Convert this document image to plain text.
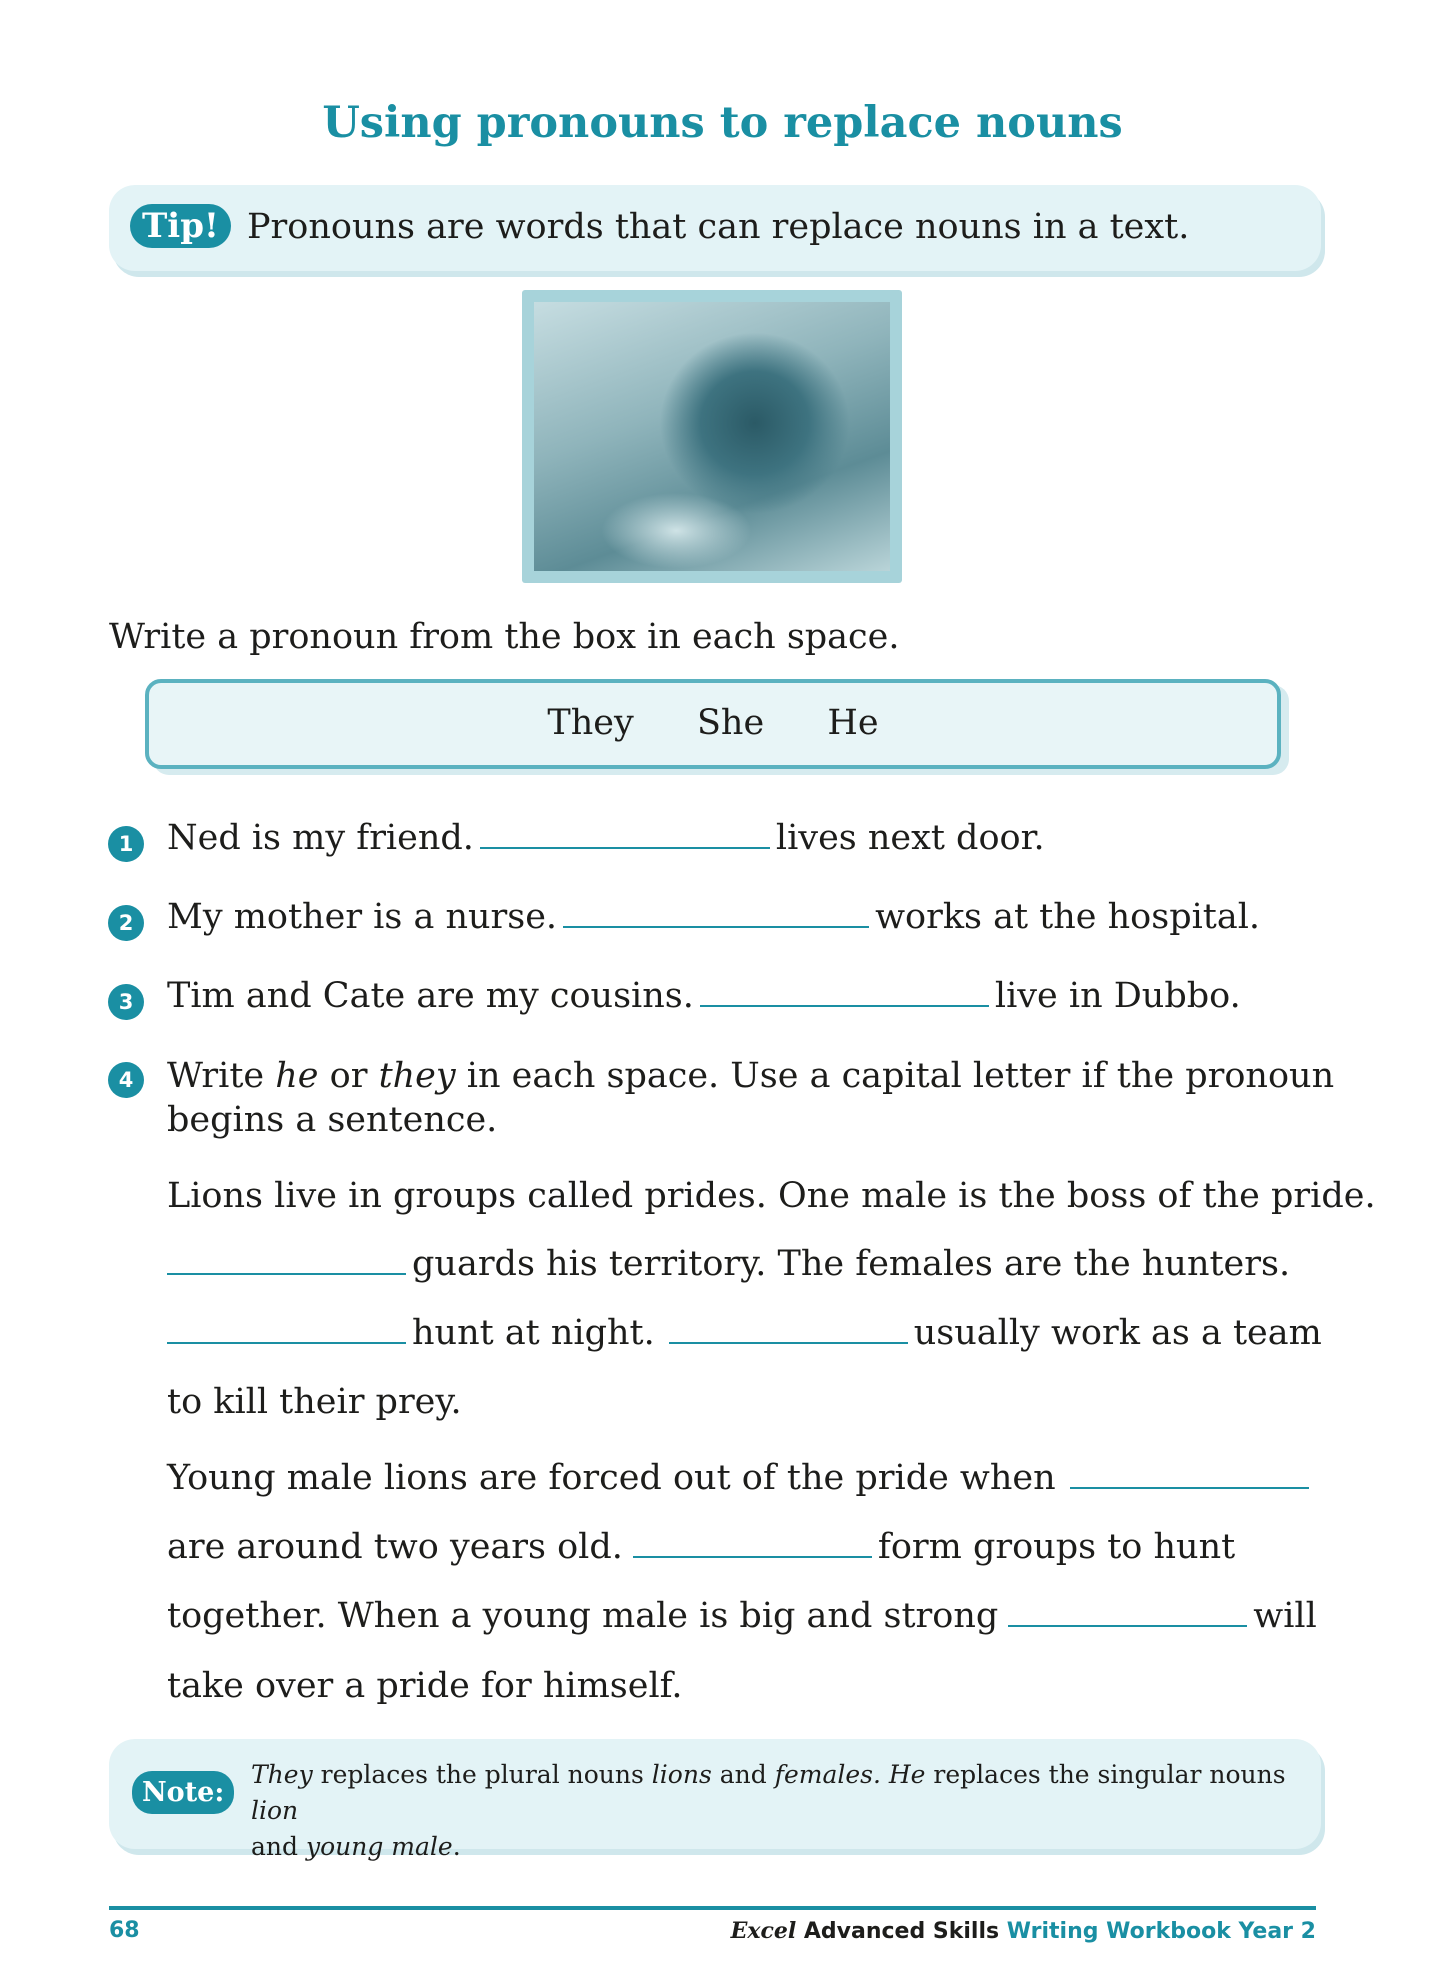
Using pronouns to replace nouns
Tip! Pronouns are words that can replace nouns in a text.
Write a pronoun from the box in each space.
They She He
1 Ned is my friend.	lives next door.
2 My mother is a nurse.	works at the hospital.
3 Tim and Cate are my cousins.	live in Dubbo.
4 Write he or they in each space. Use a capital letter if the pronoun
begins a sentence.
Lions live in groups called prides. One male is the boss of the pride.
guards his territory. The females are the hunters.
hunt at night.	usually work as a team
to kill their prey.
Young male lions are forced out of the pride when
are around two years old.	form groups to hunt
together. When a young male is big and strong	will
take over a pride for himself.
Note:
They replaces the plural nouns lions and females. He replaces the singular nouns lion
and young male.
68	Excel Advanced Skills Writing Workbook Year 2
